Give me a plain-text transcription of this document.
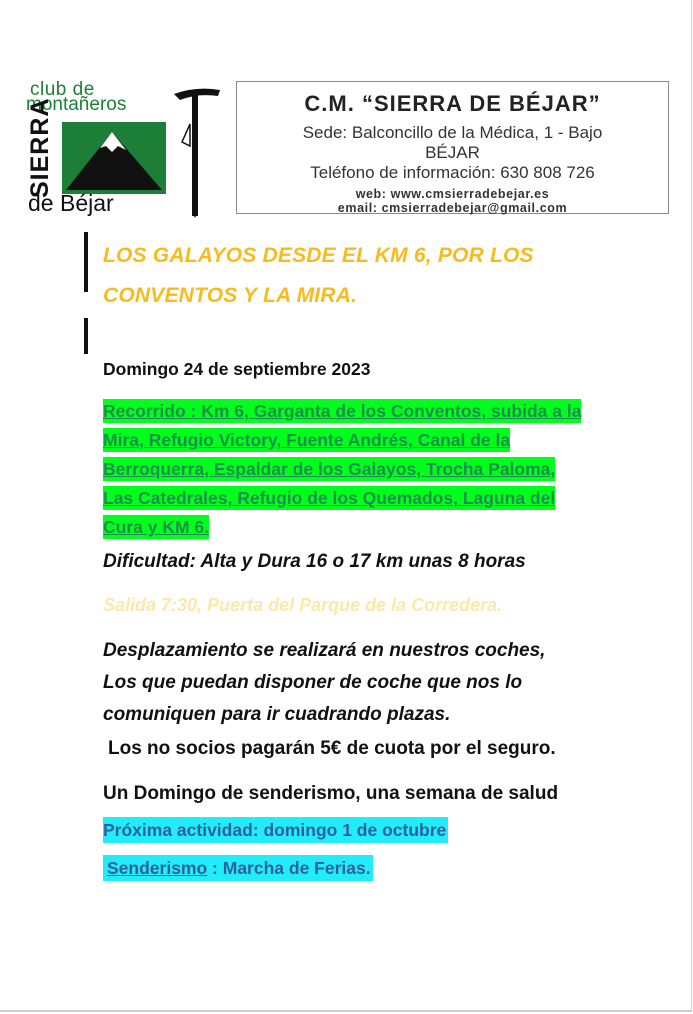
club de
montañeros
SIERRA
de Béjar
C.M. “SIERRA DE BÉJAR”
Sede: Balconcillo de la Médica, 1 - Bajo
BÉJAR
Teléfono de información: 630 808 726
web: www.cmsierradebejar.es
email: cmsierradebejar@gmail.com
LOS GALAYOS DESDE EL KM 6, POR LOS
CONVENTOS Y LA MIRA.
Domingo 24 de septiembre 2023
Recorrido : Km 6, Garganta de los Conventos, subida a la
Mira, Refugio Victory, Fuente Andrés, Canal de la
Berroquerra, Espaldar de los Galayos, Trocha Paloma,
Las Catedrales, Refugio de los Quemados, Laguna del
Cura y KM 6.
Dificultad: Alta y Dura 16 o 17 km unas 8 horas
Salida 7:30, Puerta del Parque de la Corredera.
Desplazamiento se realizará en nuestros coches,
Los que puedan disponer de coche que nos lo
comuniquen para ir cuadrando plazas.
Los no socios pagarán 5€ de cuota por el seguro.
Un Domingo de senderismo, una semana de salud
Próxima actividad: domingo 1 de octubre
Senderismo : Marcha de Ferias.
